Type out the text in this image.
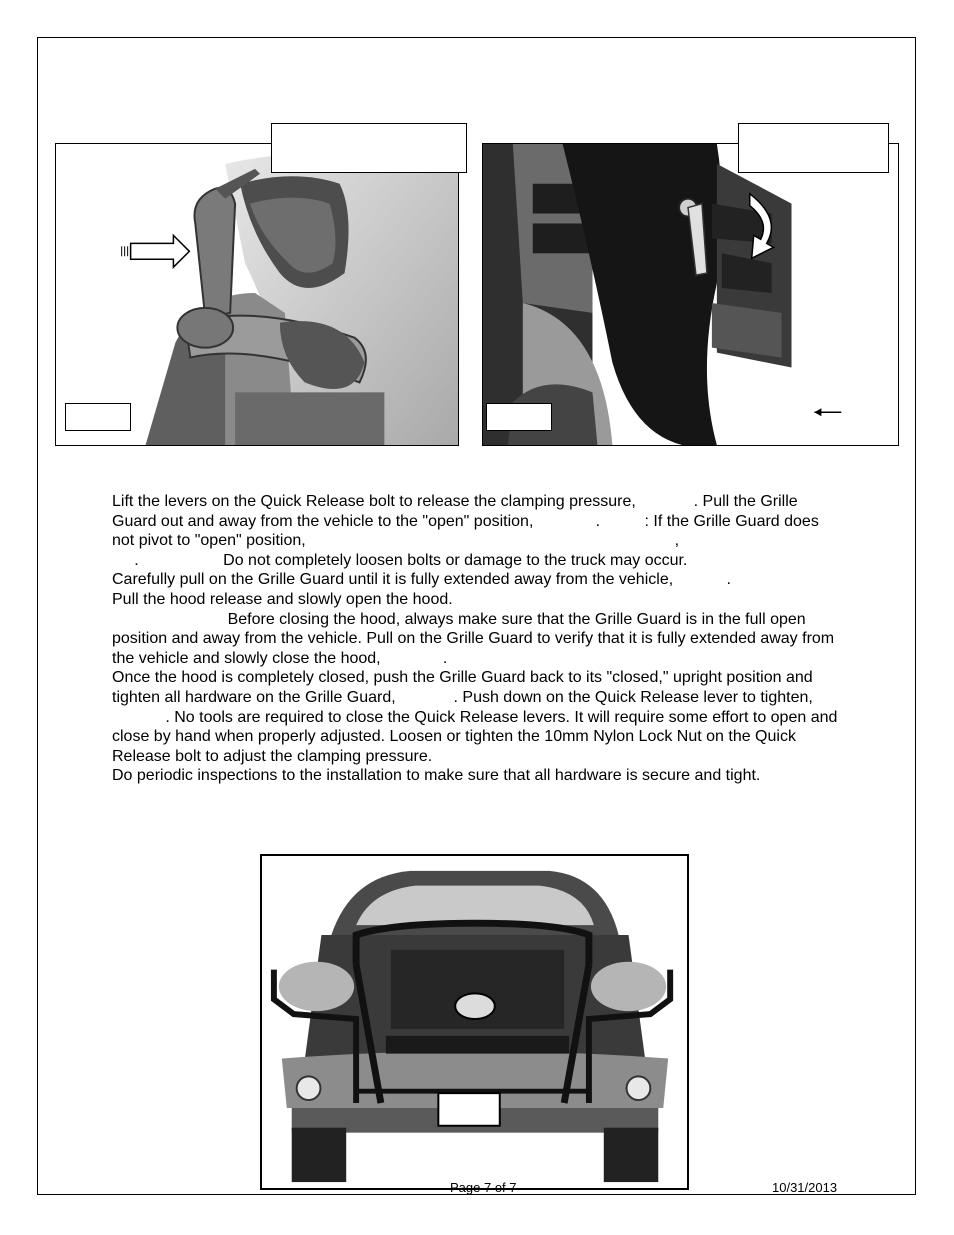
Lift the levers on the Quick Release bolt to release the clamping pressure,             . Pull the Grille

Guard out and away from the vehicle to the "open" position,              .          : If the Grille Guard does

not pivot to "open" position,                                                                                   ,

.                   Do not completely loosen bolts or damage to the truck may occur.

Carefully pull on the Grille Guard until it is fully extended away from the vehicle,            .

Pull the hood release and slowly open the hood.

Before closing the hood, always make sure that the Grille Guard is in the full open

position and away from the vehicle. Pull on the Grille Guard to verify that it is fully extended away from

the vehicle and slowly close the hood,              .

Once the hood is completely closed, push the Grille Guard back to its "closed," upright position and

tighten all hardware on the Grille Guard,             . Push down on the Quick Release lever to tighten,

. No tools are required to close the Quick Release levers. It will require some effort to open and

close by hand when properly adjusted. Loosen or tighten the 10mm Nylon Lock Nut on the Quick

Release bolt to adjust the clamping pressure.

Do periodic inspections to the installation to make sure that all hardware is secure and tight.

Page 7 of 7	10/31/2013
